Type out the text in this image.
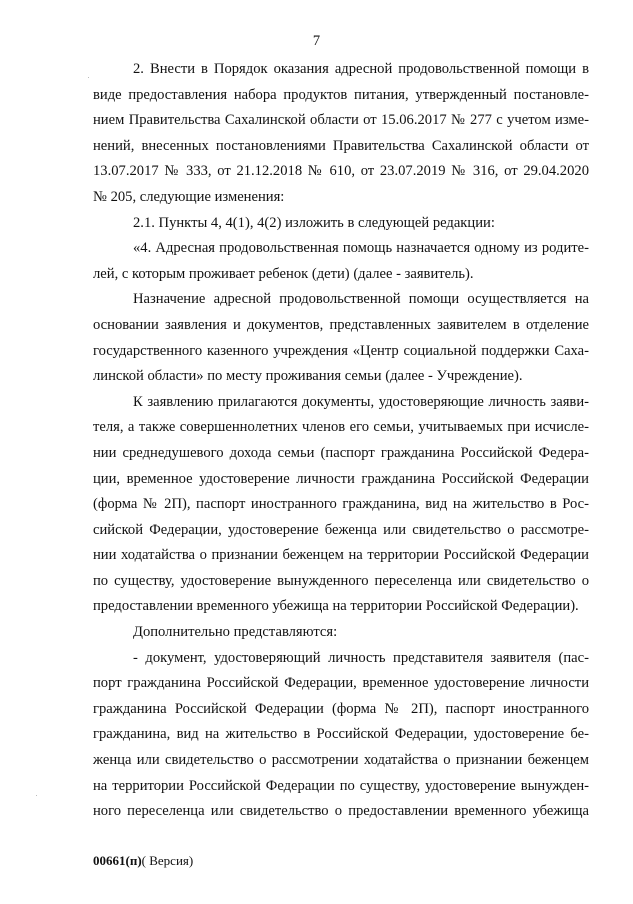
7
2. Внести в Порядок оказания адресной продовольственной помощи в
виде предоставления набора продуктов питания, утвержденный постановле-
нием Правительства Сахалинской области от 15.06.2017 № 277 с учетом изме-
нений, внесенных постановлениями Правительства Сахалинской области от
13.07.2017 № 333, от 21.12.2018 № 610, от 23.07.2019 № 316, от 29.04.2020
№ 205, следующие изменения:
2.1. Пункты 4, 4(1), 4(2) изложить в следующей редакции:
«4. Адресная продовольственная помощь назначается одному из родите-
лей, с которым проживает ребенок (дети) (далее - заявитель).
Назначение адресной продовольственной помощи осуществляется на
основании заявления и документов, представленных заявителем в отделение
государственного казенного учреждения «Центр социальной поддержки Саха-
линской области» по месту проживания семьи (далее - Учреждение).
К заявлению прилагаются документы, удостоверяющие личность заяви-
теля, а также совершеннолетних членов его семьи, учитываемых при исчисле-
нии среднедушевого дохода семьи (паспорт гражданина Российской Федера-
ции, временное удостоверение личности гражданина Российской Федерации
(форма № 2П), паспорт иностранного гражданина, вид на жительство в Рос-
сийской Федерации, удостоверение беженца или свидетельство о рассмотре-
нии ходатайства о признании беженцем на территории Российской Федерации
по существу, удостоверение вынужденного переселенца или свидетельство о
предоставлении временного убежища на территории Российской Федерации).
Дополнительно представляются:
- документ, удостоверяющий личность представителя заявителя (пас-
порт гражданина Российской Федерации, временное удостоверение личности
гражданина Российской Федерации (форма № 2П), паспорт иностранного
гражданина, вид на жительство в Российской Федерации, удостоверение бе-
женца или свидетельство о рассмотрении ходатайства о признании беженцем
на территории Российской Федерации по существу, удостоверение вынужден-
ного переселенца или свидетельство о предоставлении временного убежища
00661(п)( Версия)
